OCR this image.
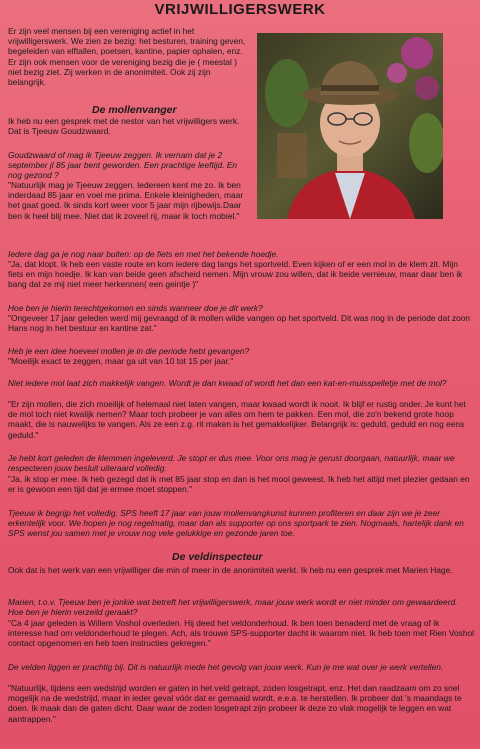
VRIJWILLIGERSWERK

Er zijn veel mensen bij een vereniging actief in het vrijwilligerswerk. We zien ze bezig: het besturen, training geven, begeleiden van elftallen, poetsen, kantine, papier ophalen, enz. Er zijn ook mensen voor de vereniging bezig die je ( meestal ) niet bezig ziet. Zij werken in de anonimiteit. Ook zij zijn belangrijk.

De mollenvanger

Ik heb nu een gesprek met de nestor van het vrijwilligers werk. Dat is Tjeeuw Goudzwaard.

Goudzwaard of mag ik Tjeeuw zeggen. Ik vernam dat je 2 september jl 85 jaar bent geworden. Een prachtige leeftijd. En nog gezond ?

"Natuurlijk mag je Tjeeuw zeggen. Iedereen kent me zo. Ik ben inderdaad 85 jaar en voel me prima. Enkele kleinigheden, maar het gaat goed. Ik sinds kort weer voor 5 jaar mijn rijbewijs.Daar ben ik heel blij mee. Niet dat ik zoveel rij, maar ik toch mobiel."

Iedere dag ga je nog naar buiten: op de fiets en met het bekende hoedje.

"Ja, dat klopt. Ik heb een vaste route en kom iedere dag langs het sportveld. Even kijken of er een mol in de klem zit. Mijn fiets en mijn hoedje. Ik kan van beide geen afscheid nemen. Mijn vrouw zou willen, dat ik beide vernieuw, maar daar ben ik bang dat ze mij niet meer herkennen( een geintje )"

Hoe ben je hierin terechtgekomen en sinds wanneer doe je dit werk?

"Ongeveer 17 jaar geleden werd mij gevraagd of ik mollen wilde vangen op het sportveld. Dit was nog in de periode dat zoon Hans nog in het bestuur en kantine zat."

Heb je een idee hoeveel mollen je in die periode hebt gevangen?

"Moeilijk exact te zeggen, maar ga uit van 10 tot 15 per jaar."

Niet iedere mol laat zich makkelijk vangen. Wordt je dan kwaad of wordt het dan een kat-en-muisspelletje met de mol?

"Er zijn mollen, die zich moeilijk of helemaal niet laten vangen, maar kwaad wordt ik nooit. Ik blijf er rustig onder. Je kunt het de mol toch niet kwalijk nemen? Maar toch probeer je van alles om hem te pakken. Een mol, die zo'n bekend grote hoop maakt, die is nauwelijks te vangen. Als ze een z.g. rit maken is het gemakkelijker. Belangrijk is: geduld, geduld en nog eens geduld."

Je hebt kort geleden de klemmen ingeleverd. Je stopt er dus mee. Voor ons mag je gerust doorgaan, natuurlijk, maar we respecteren jouw besluit uiteraard volledig.

"Ja, ik stop er mee. Ik heb gezegd dat ik met 85 jaar stop en dan is het mooi geweest. Ik heb het altijd met plezier gedaan en er is gewoon een tijd dat je ermee moet stoppen."

Tjeeuw ik begrijp het volledig. SPS heeft 17 jaar van jouw mollenvangkunst kunnen profiteren en daar zijn we je zeer erkentelijk voor. We hopen je nog regelmatig, maar dan als supporter op ons sportpark te zien. Nogmaals, hartelijk dank en SPS wenst jou samen met je vrouw nog vele gelukkige en gezonde jaren toe.

De veldinspecteur

Ook dat is het werk van een vrijwilliger die min of meer in de anonimiteit werkt. Ik heb nu een gesprek met Marien Hage.

Marien, t.o.v. Tjeeuw ben je jonkie wat betreft het vrijwilligerswerk, maar jouw werk wordt er niet minder om gewaardeerd. Hoe ben je hierin verzeild geraakt?

"Ca 4 jaar geleden is Willem Voshol overleden. Hij deed het veldonderhoud. Ik ben toen benaderd met de vraag of ik interesse had om veldonderhoud te plegen. Ach, als trouwe SPS-supporter dacht ik waarom niet. Ik heb toen met Rien Voshol contact opgenomen en heb toen instructies gekregen."

De velden liggen er prachtig bij. Dit is natuurlijk mede het gevolg van jouw werk. Kun je me wat over je werk vertellen.

"Natuurlijk, tijdens een wedstrijd worden er gaten in het veld getrapt, zoden losgetrapt, enz. Het dan raadzaam om zo snel mogelijk na de wedstrijd, maar in ieder geval vóór dat er gemaaid wordt, e.e.a. te herstellen. Ik probeer dat 's maandags te doen. Ik maak dan de gaten dicht. Daar waar de zoden losgetrapt zijn probeer ik deze zo vlak mogelijk te leggen en wat aantrappen."
